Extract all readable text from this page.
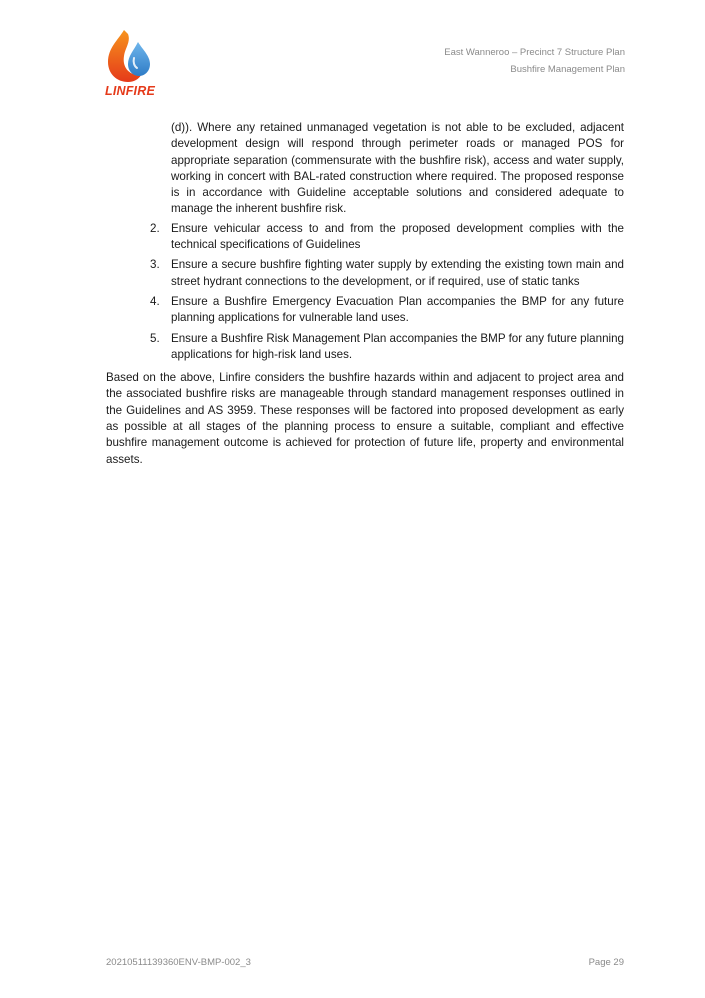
LINFIRE
East Wanneroo – Precinct 7 Structure Plan
Bushfire Management Plan

(d)). Where any retained unmanaged vegetation is not able to be excluded, adjacent development design will respond through perimeter roads or managed POS for appropriate separation (commensurate with the bushfire risk), access and water supply, working in concert with BAL-rated construction where required. The proposed response is in accordance with Guideline acceptable solutions and considered adequate to manage the inherent bushfire risk.

2. Ensure vehicular access to and from the proposed development complies with the technical specifications of Guidelines
3. Ensure a secure bushfire fighting water supply by extending the existing town main and street hydrant connections to the development, or if required, use of static tanks
4. Ensure a Bushfire Emergency Evacuation Plan accompanies the BMP for any future planning applications for vulnerable land uses.
5. Ensure a Bushfire Risk Management Plan accompanies the BMP for any future planning applications for high-risk land uses.

Based on the above, Linfire considers the bushfire hazards within and adjacent to project area and the associated bushfire risks are manageable through standard management responses outlined in the Guidelines and AS 3959. These responses will be factored into proposed development as early as possible at all stages of the planning process to ensure a suitable, compliant and effective bushfire management outcome is achieved for protection of future life, property and environmental assets.

20210511139360ENV-BMP-002_3	Page 29
